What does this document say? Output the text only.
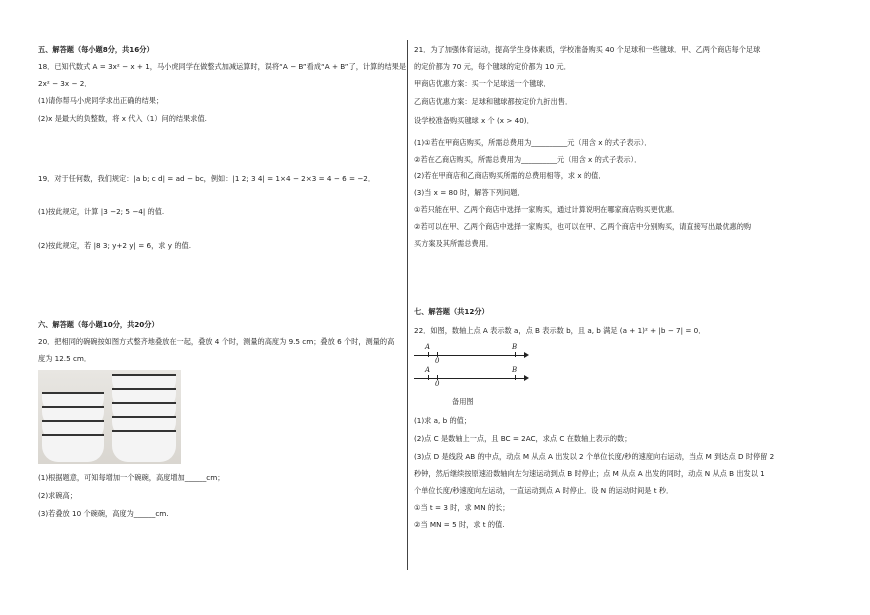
五、解答题（每小题8分，共16分）
18．已知代数式 A = 3x² − x + 1，马小虎同学在做整式加减运算时，误将“A − B”看成“A + B”了，计算的结果是
2x² − 3x − 2．
(1)请你帮马小虎同学求出正确的结果；
(2)x 是最大的负整数，将 x 代入（1）问的结果求值.
19．对于任何数，我们规定：|a b; c d| = ad − bc，例如：|1 2; 3 4| = 1×4 − 2×3 = 4 − 6 = −2．
(1)按此规定，计算 |3 −2; 5 −4| 的值.
(2)按此规定，若 |8 3; y+2 y| = 6，求 y 的值.
六、解答题（每小题10分，共20分）
20．把相同的碗碗按如图方式整齐地叠放在一起，叠放 4 个时，测量的高度为 9.5 cm；叠放 6 个时，测量的高
度为 12.5 cm．
(1)根据题意，可知每增加一个碗碗，高度增加______cm；
(2)求碗高；
(3)若叠放 10 个碗碗，高度为______cm.
21．为了加强体育运动，提高学生身体素质，学校准备购买 40 个足球和一些毽球．甲、乙两个商店每个足球
的定价都为 70 元，每个毽球的定价都为 10 元．
甲商店优惠方案：买一个足球送一个毽球．
乙商店优惠方案：足球和毽球都按定价九折出售．
设学校准备购买毽球 x 个 (x > 40)．
(1)①若在甲商店购买，所需总费用为__________元（用含 x 的式子表示）．
②若在乙商店购买，所需总费用为__________元（用含 x 的式子表示）．
(2)若在甲商店和乙商店购买所需的总费用相等，求 x 的值．
(3)当 x = 80 时，解答下列问题．
①若只能在甲、乙两个商店中选择一家购买，通过计算说明在哪家商店购买更优惠．
②若可以在甲、乙两个商店中选择一家购买，也可以在甲、乙两个商店中分别购买，请直接写出最优惠的购
买方案及其所需总费用．
七、解答题（共12分）
22．如图，数轴上点 A 表示数 a，点 B 表示数 b，且 a, b 满足 (a + 1)² + |b − 7| = 0．
A
0
B
A
0
B
备用图
(1)求 a, b 的值；
(2)点 C 是数轴上一点，且 BC = 2AC，求点 C 在数轴上表示的数；
(3)点 D 是线段 AB 的中点，动点 M 从点 A 出发以 2 个单位长度/秒的速度向右运动，当点 M 到达点 D 时停留 2
秒钟，然后继续按原速沿数轴向左匀速运动到点 B 时停止；点 M 从点 A 出发的同时，动点 N 从点 B 出发以 1
个单位长度/秒速度向左运动，一直运动到点 A 时停止．设 N 的运动时间是 t 秒．
①当 t = 3 时，求 MN 的长；
②当 MN = 5 时，求 t 的值.
